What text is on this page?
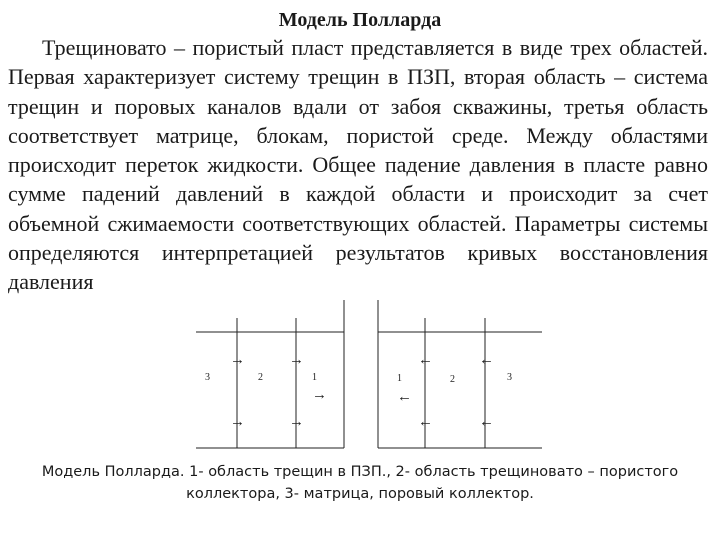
Модель Полларда

Трещиновато – пористый пласт представляется в виде трех областей. Первая характеризует систему трещин в ПЗП, вторая область – система трещин и поровых каналов вдали от забоя скважины, третья область соответствует матрице, блокам, пористой среде. Между областями происходит переток жидкости. Общее падение давления в пласте равно сумме падений давлений в каждой области и происходит за счет объемной сжимаемости соответствующих областей. Параметры системы определяются интерпретацией результатов кривых восстановления давления

3	2	1	1	2	3
→	→
→	→
→
←	←
←	←
←

Модель Полларда. 1- область трещин в ПЗП., 2- область трещиновато – пористого коллектора, 3- матрица, поровый коллектор.
